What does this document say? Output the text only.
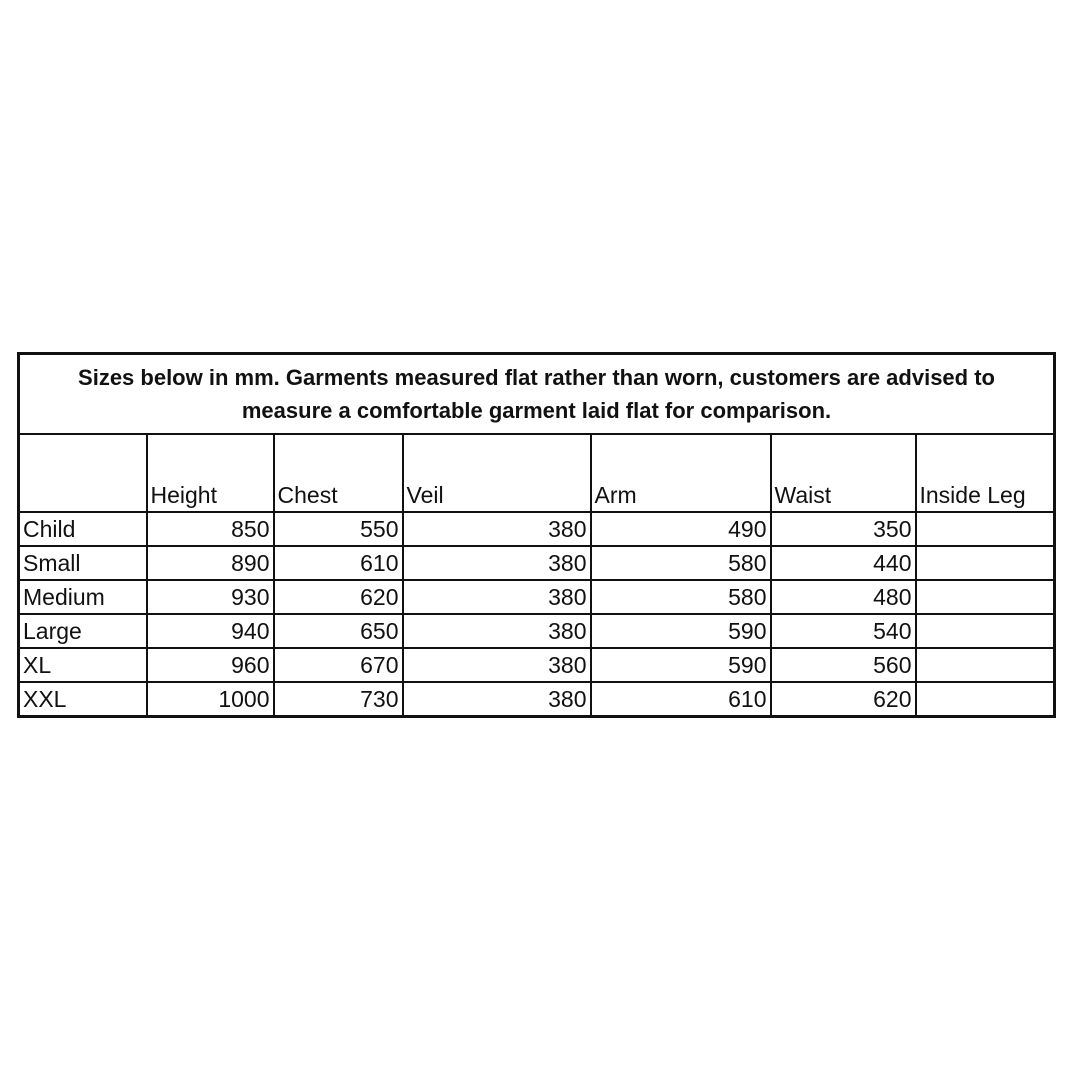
Sizes below in mm. Garments measured flat rather than worn, customers are advised to measure a comfortable garment laid flat for comparison.						
	Height	Chest	Veil	Arm	Waist	Inside Leg
Child	850	550	380	490	350	
Small	890	610	380	580	440	
Medium	930	620	380	580	480	
Large	940	650	380	590	540	
XL	960	670	380	590	560	
XXL	1000	730	380	610	620	
